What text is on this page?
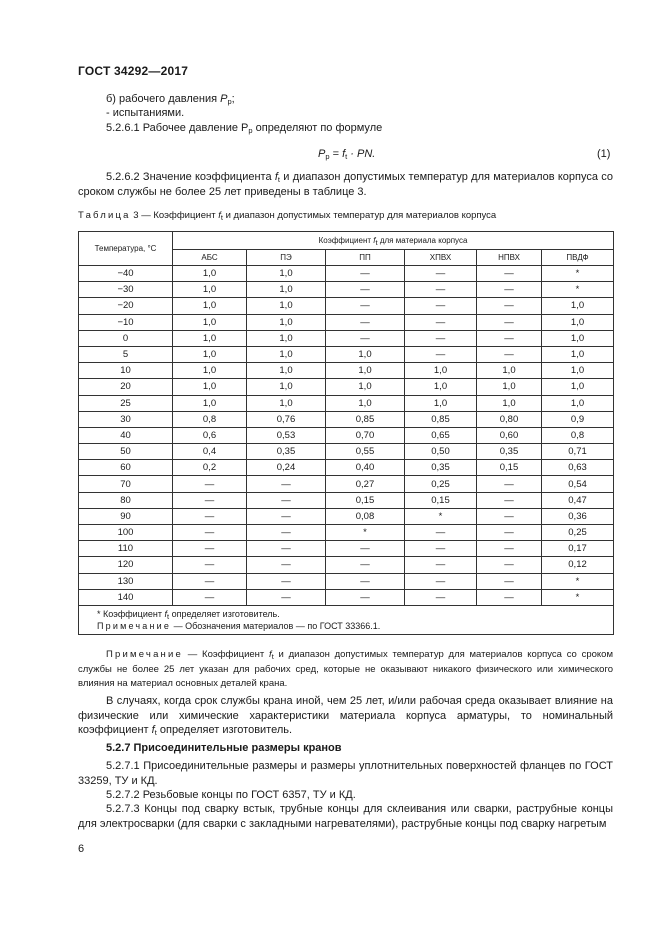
ГОСТ 34292—2017
б) рабочего давления $P_р$;
- испытаниями.
5.2.6.1 Рабочее давление $P_р$ определяют по формуле
$P_р = f_t$ · PN.	(1)
5.2.6.2 Значение коэффициента $f_t$ и диапазон допустимых температур для материалов корпуса со сроком службы не более 25 лет приведены в таблице 3.
Таблица 3 — Коэффициент $f_t$ и диапазон допустимых температур для материалов корпуса
Температура, °С	Коэффициент $f_t$ для материала корпуса					
	АБС	ПЭ	ПП	ХПВХ	НПВХ	ПВДФ
−40	1,0	1,0	—	—	—	*
−30	1,0	1,0	—	—	—	*
−20	1,0	1,0	—	—	—	1,0
−10	1,0	1,0	—	—	—	1,0
0	1,0	1,0	—	—	—	1,0
5	1,0	1,0	1,0	—	—	1,0
10	1,0	1,0	1,0	1,0	1,0	1,0
20	1,0	1,0	1,0	1,0	1,0	1,0
25	1,0	1,0	1,0	1,0	1,0	1,0
30	0,8	0,76	0,85	0,85	0,80	0,9
40	0,6	0,53	0,70	0,65	0,60	0,8
50	0,4	0,35	0,55	0,50	0,35	0,71
60	0,2	0,24	0,40	0,35	0,15	0,63
70	—	—	0,27	0,25	—	0,54
80	—	—	0,15	0,15	—	0,47
90	—	—	0,08	*	—	0,36
100	—	—	*	—	—	0,25
110	—	—	—	—	—	0,17
120	—	—	—	—	—	0,12
130	—	—	—	—	—	*
140	—	—	—	—	—	*

* Коэффициент $f_t$ определяет изготовитель.
Примечание — Обозначения материалов — по ГОСТ 33366.1.						
Примечание — Коэффициент $f_t$ и диапазон допустимых температур для материалов корпуса со сроком службы не более 25 лет указан для рабочих сред, которые не оказывают никакого физического или химического влияния на материал основных деталей крана.
В случаях, когда срок службы крана иной, чем 25 лет, и/или рабочая среда оказывает влияние на физические или химические характеристики материала корпуса арматуры, то номинальный коэффициент $f_t$ определяет изготовитель.
5.2.7 Присоединительные размеры кранов
5.2.7.1 Присоединительные размеры и размеры уплотнительных поверхностей фланцев по ГОСТ 33259, ТУ и КД.
5.2.7.2 Резьбовые концы по ГОСТ 6357, ТУ и КД.
5.2.7.3 Концы под сварку встык, трубные концы для склеивания или сварки, раструбные концы для электросварки (для сварки с закладными нагревателями), раструбные концы под сварку нагретым
6
